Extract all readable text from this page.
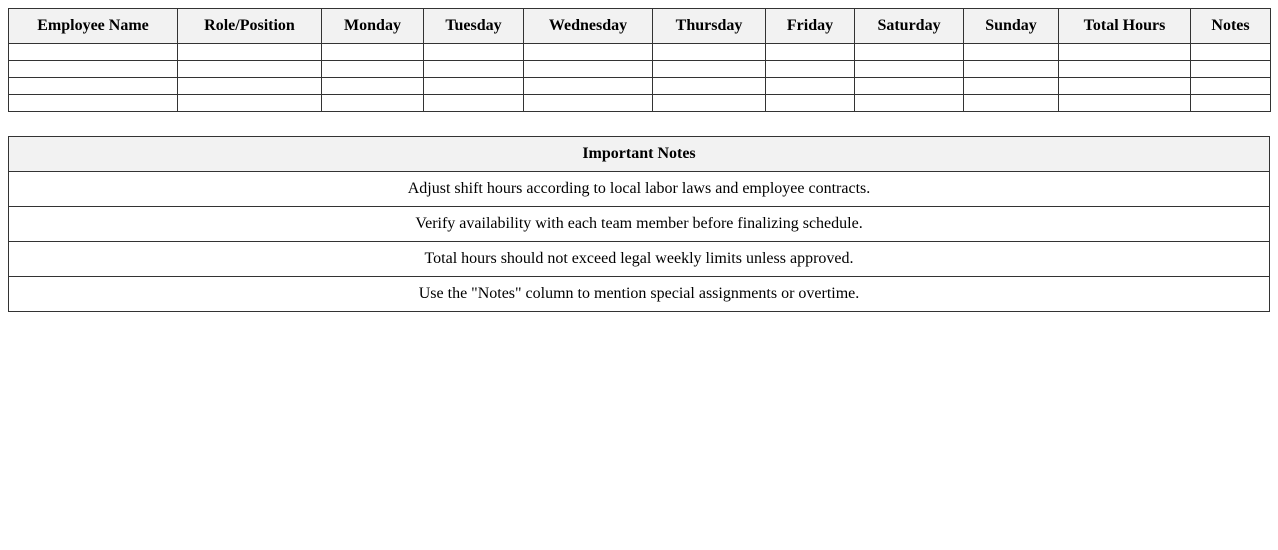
Employee Name	Role/Position	Monday	Tuesday	Wednesday	Thursday	Friday	Saturday	Sunday	Total Hours	Notes

Important Notes
Adjust shift hours according to local labor laws and employee contracts.
Verify availability with each team member before finalizing schedule.
Total hours should not exceed legal weekly limits unless approved.
Use the "Notes" column to mention special assignments or overtime.
